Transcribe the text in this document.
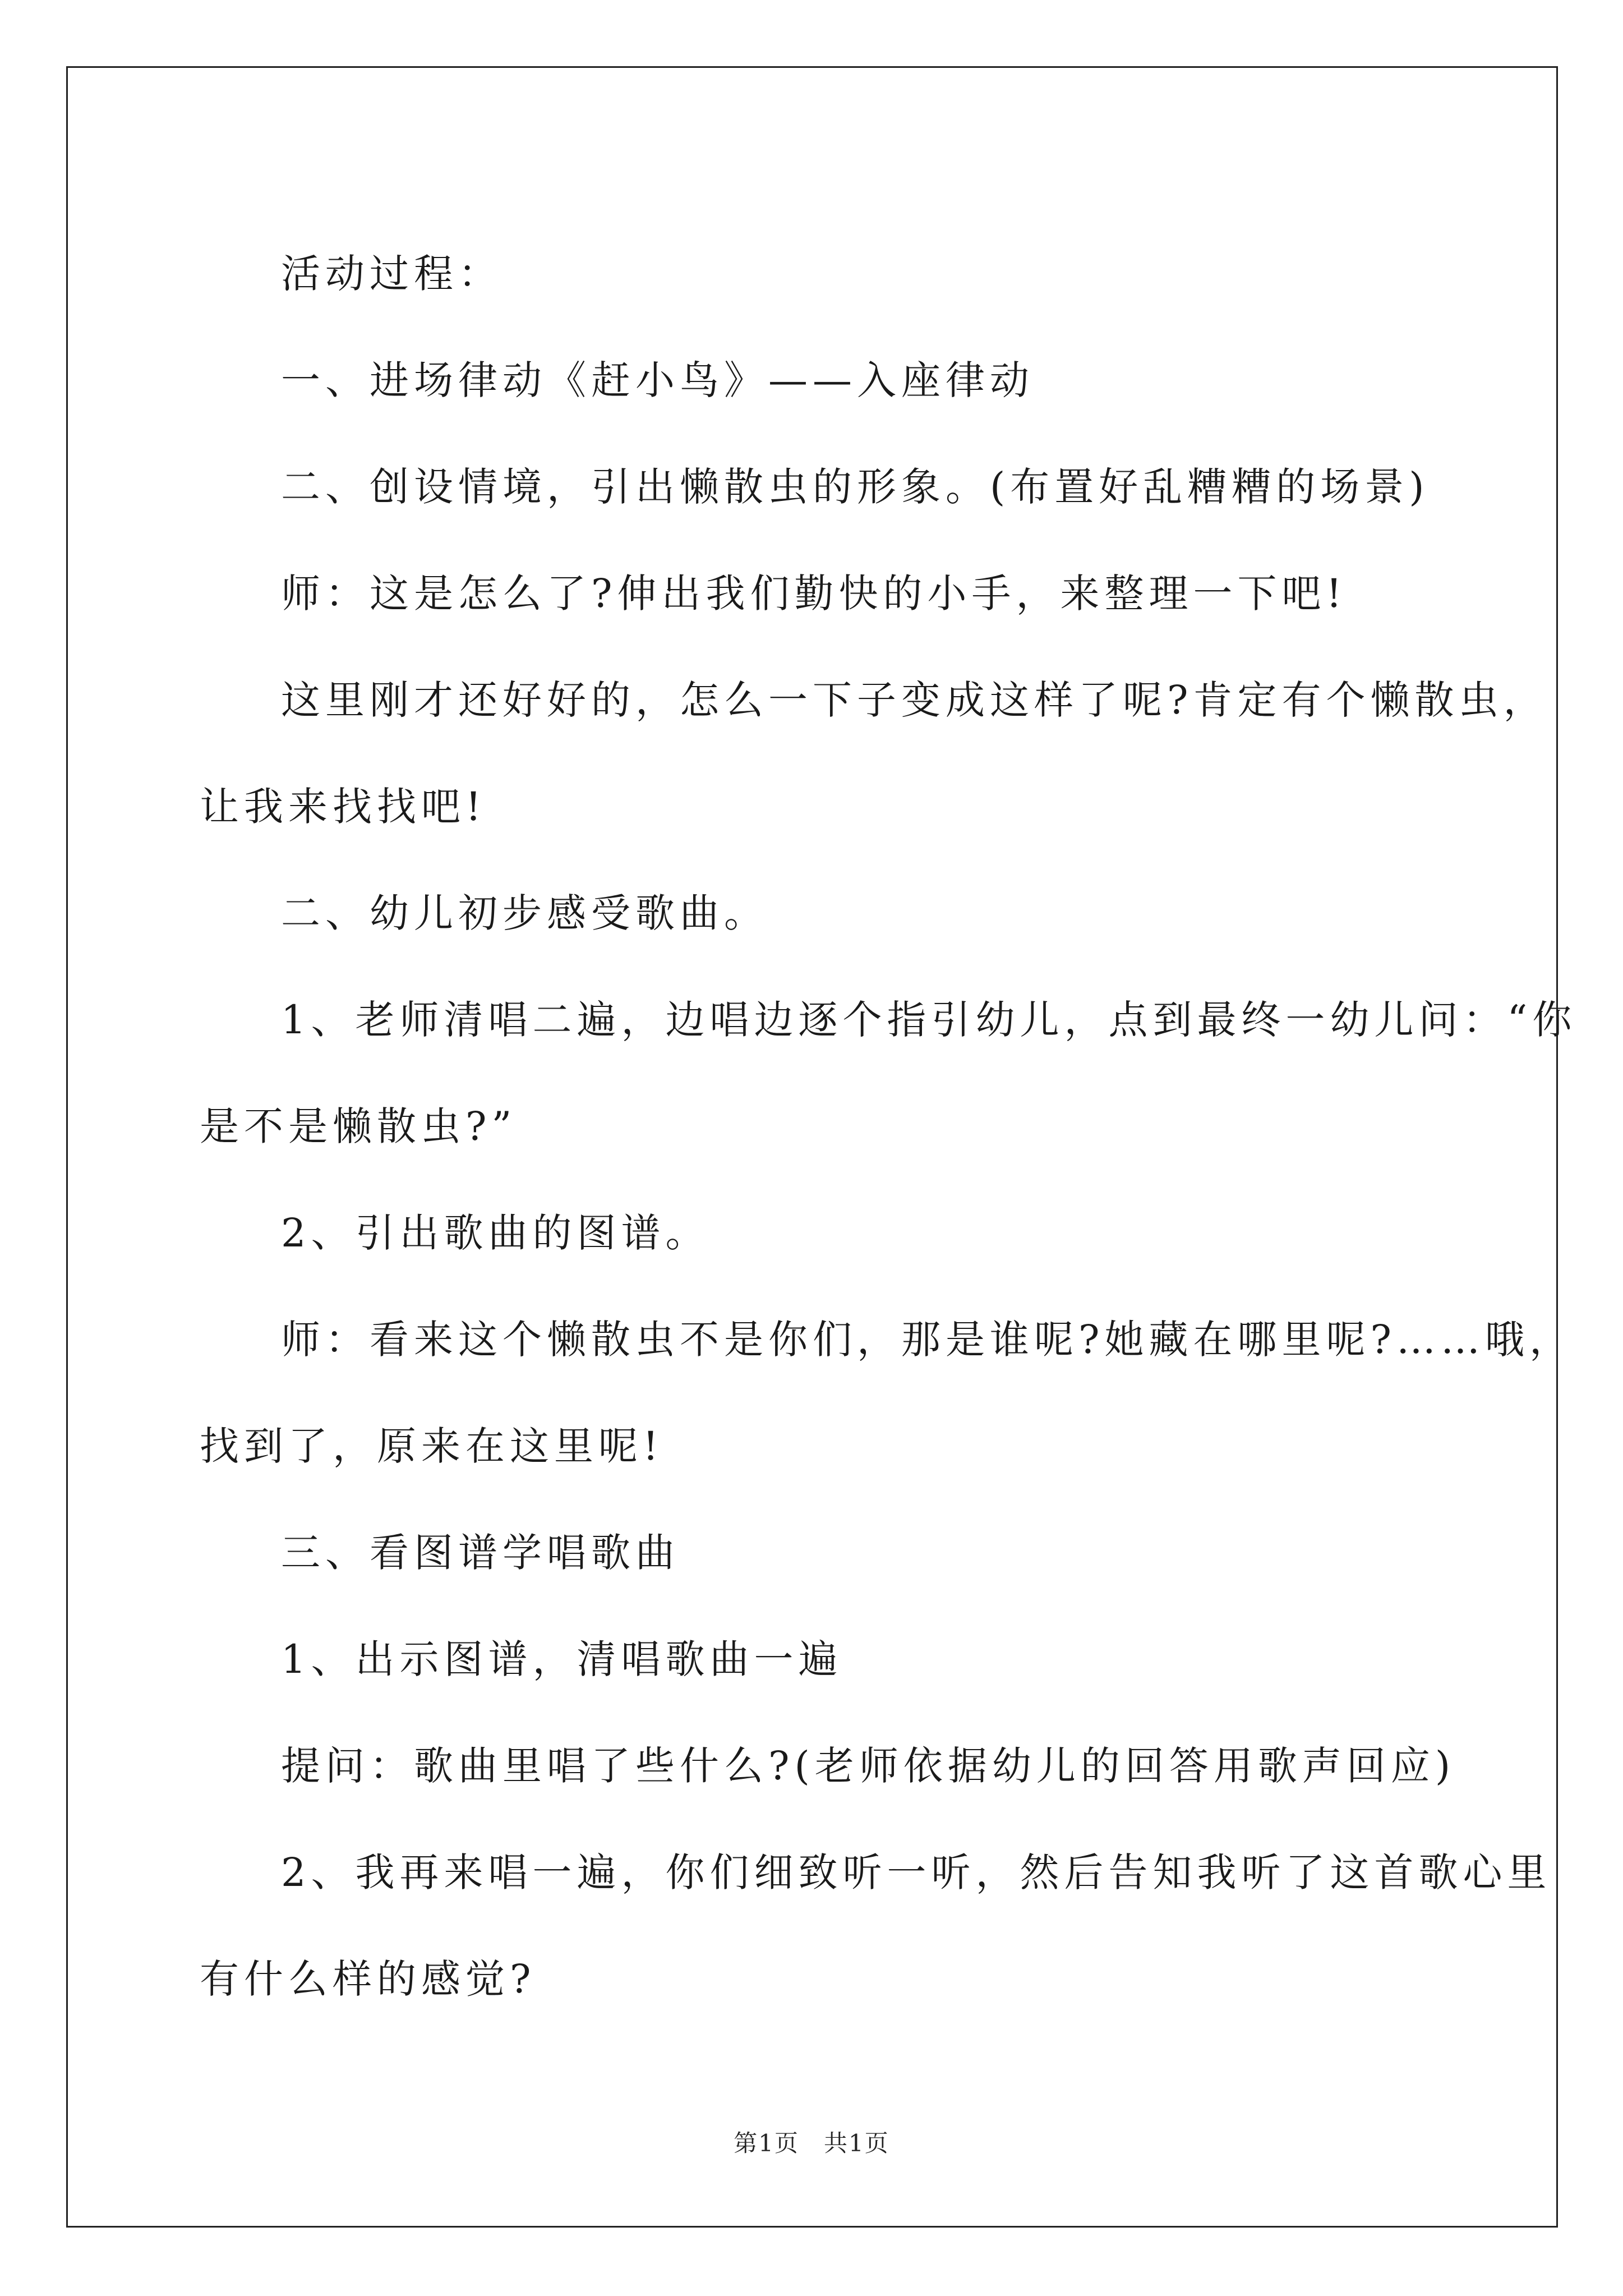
活动过程：

一、进场律动《赶小鸟》——入座律动

二、创设情境，引出懒散虫的形象。(布置好乱糟糟的场景)

师：这是怎么了?伸出我们勤快的小手，来整理一下吧!

这里刚才还好好的，怎么一下子变成这样了呢?肯定有个懒散虫，

让我来找找吧!

二、幼儿初步感受歌曲。

1、老师清唱二遍，边唱边逐个指引幼儿，点到最终一幼儿问：“你

是不是懒散虫?”

2、引出歌曲的图谱。

师：看来这个懒散虫不是你们，那是谁呢?她藏在哪里呢?……哦，

找到了，原来在这里呢!

三、看图谱学唱歌曲

1、出示图谱，清唱歌曲一遍

提问：歌曲里唱了些什么?(老师依据幼儿的回答用歌声回应)

2、我再来唱一遍，你们细致听一听，然后告知我听了这首歌心里

有什么样的感觉?

第1页　共1页
